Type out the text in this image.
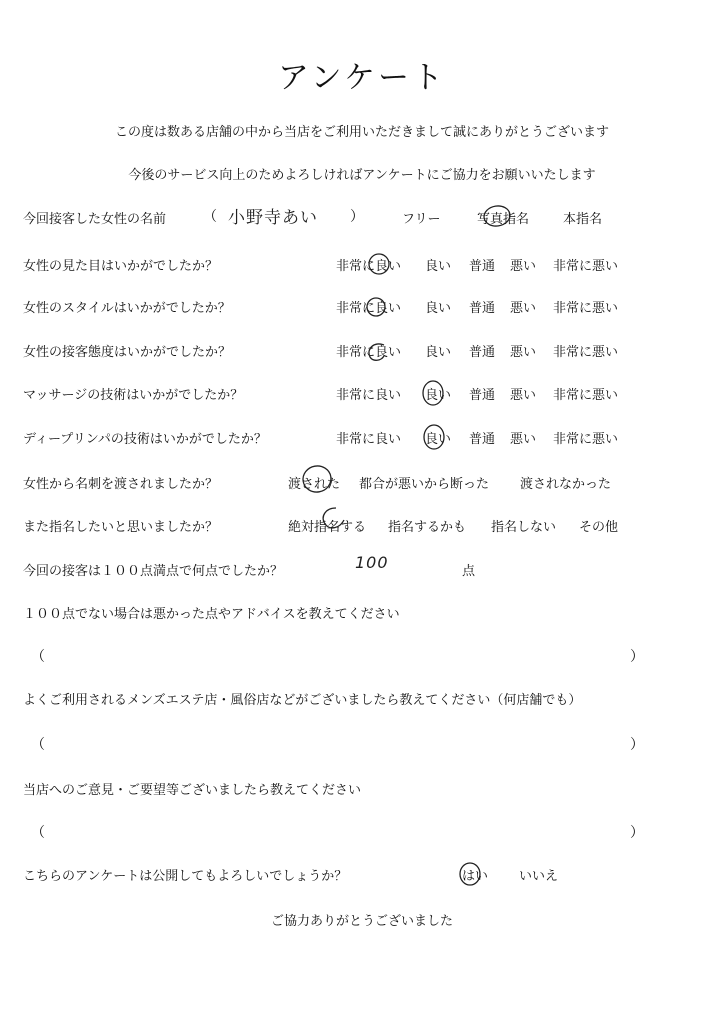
アンケート
この度は数ある店舗の中から当店をご利用いただきまして誠にありがとうございます
今後のサービス向上のためよろしければアンケートにご協力をお願いいたします
今回接客した女性の名前	（ 小野寺あい ）	フリー	写真指名	本指名
女性の見た目はいかがでしたか？	非常に良い 良い 普通 悪い 非常に悪い
女性のスタイルはいかがでしたか？	非常に良い 良い 普通 悪い 非常に悪い
女性の接客態度はいかがでしたか？	非常に良い 良い 普通 悪い 非常に悪い
マッサージの技術はいかがでしたか？	非常に良い 良い 普通 悪い 非常に悪い
ディープリンパの技術はいかがでしたか？	非常に良い 良い 普通 悪い 非常に悪い
女性から名刺を渡されましたか？	渡された 都合が悪いから断った 渡されなかった
また指名したいと思いましたか？	絶対指名する 指名するかも 指名しない その他
今回の接客は１００点満点で何点でしたか？	100	点
１００点でない場合は悪かった点やアドバイスを教えてください
（	）
よくご利用されるメンズエステ店・風俗店などがございましたら教えてください（何店舗でも）
（	）
当店へのご意見・ご要望等ございましたら教えてください
（	）
こちらのアンケートは公開してもよろしいでしょうか？	はい いいえ
ご協力ありがとうございました
